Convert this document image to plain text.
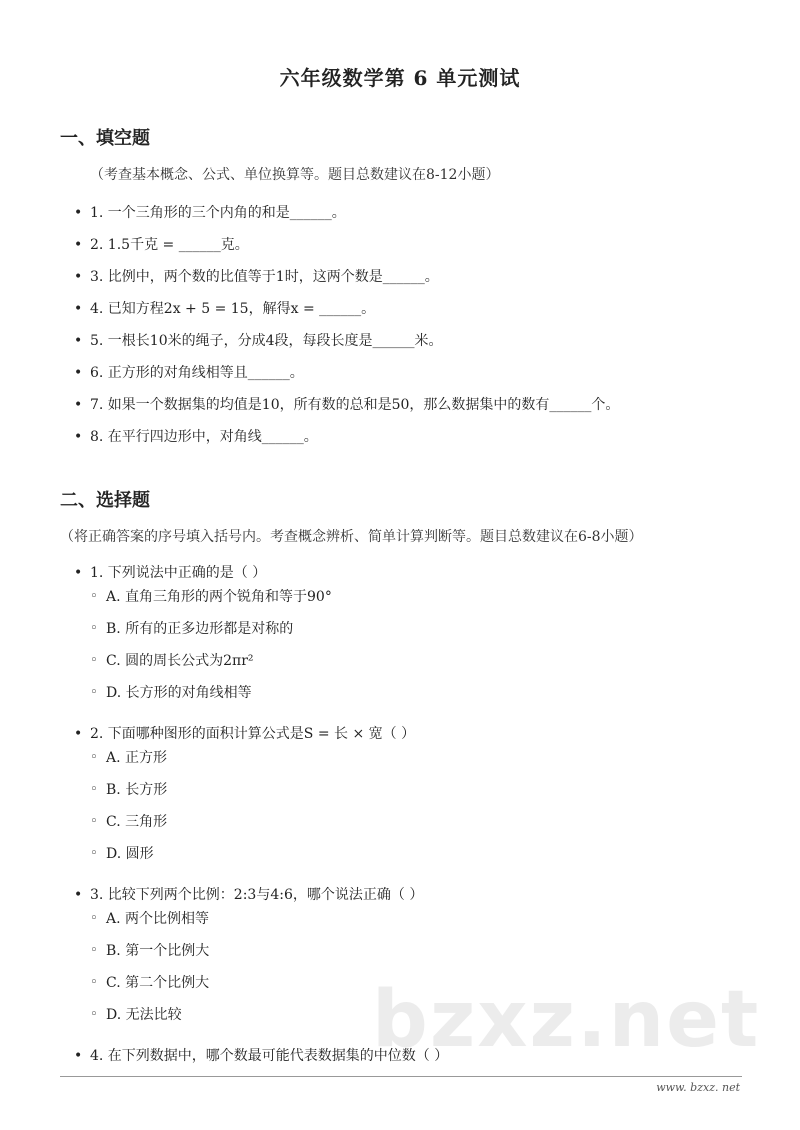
六年级数学第 6 单元测试
一、填空题
（考查基本概念、公式、单位换算等。题目总数建议在8-12小题）
• 1. 一个三角形的三个内角的和是______。
• 2. 1.5千克 = ______克。
• 3. 比例中，两个数的比值等于1时，这两个数是______。
• 4. 已知方程2x + 5 = 15，解得x = ______。
• 5. 一根长10米的绳子，分成4段，每段长度是______米。
• 6. 正方形的对角线相等且______。
• 7. 如果一个数据集的均值是10，所有数的总和是50，那么数据集中的数有______个。
• 8. 在平行四边形中，对角线______。
二、选择题
（将正确答案的序号填入括号内。考查概念辨析、简单计算判断等。题目总数建议在6-8小题）
• 1. 下列说法中正确的是（ ）
◦ A. 直角三角形的两个锐角和等于90°
◦ B. 所有的正多边形都是对称的
◦ C. 圆的周长公式为2πr²
◦ D. 长方形的对角线相等
• 2. 下面哪种图形的面积计算公式是S = 长 × 宽（ ）
◦ A. 正方形
◦ B. 长方形
◦ C. 三角形
◦ D. 圆形
• 3. 比较下列两个比例：2:3与4:6，哪个说法正确（ ）
◦ A. 两个比例相等
◦ B. 第一个比例大
◦ C. 第二个比例大
◦ D. 无法比较
• 4. 在下列数据中，哪个数最可能代表数据集的中位数（ ）
bzxz.net
www. bzxz. net
